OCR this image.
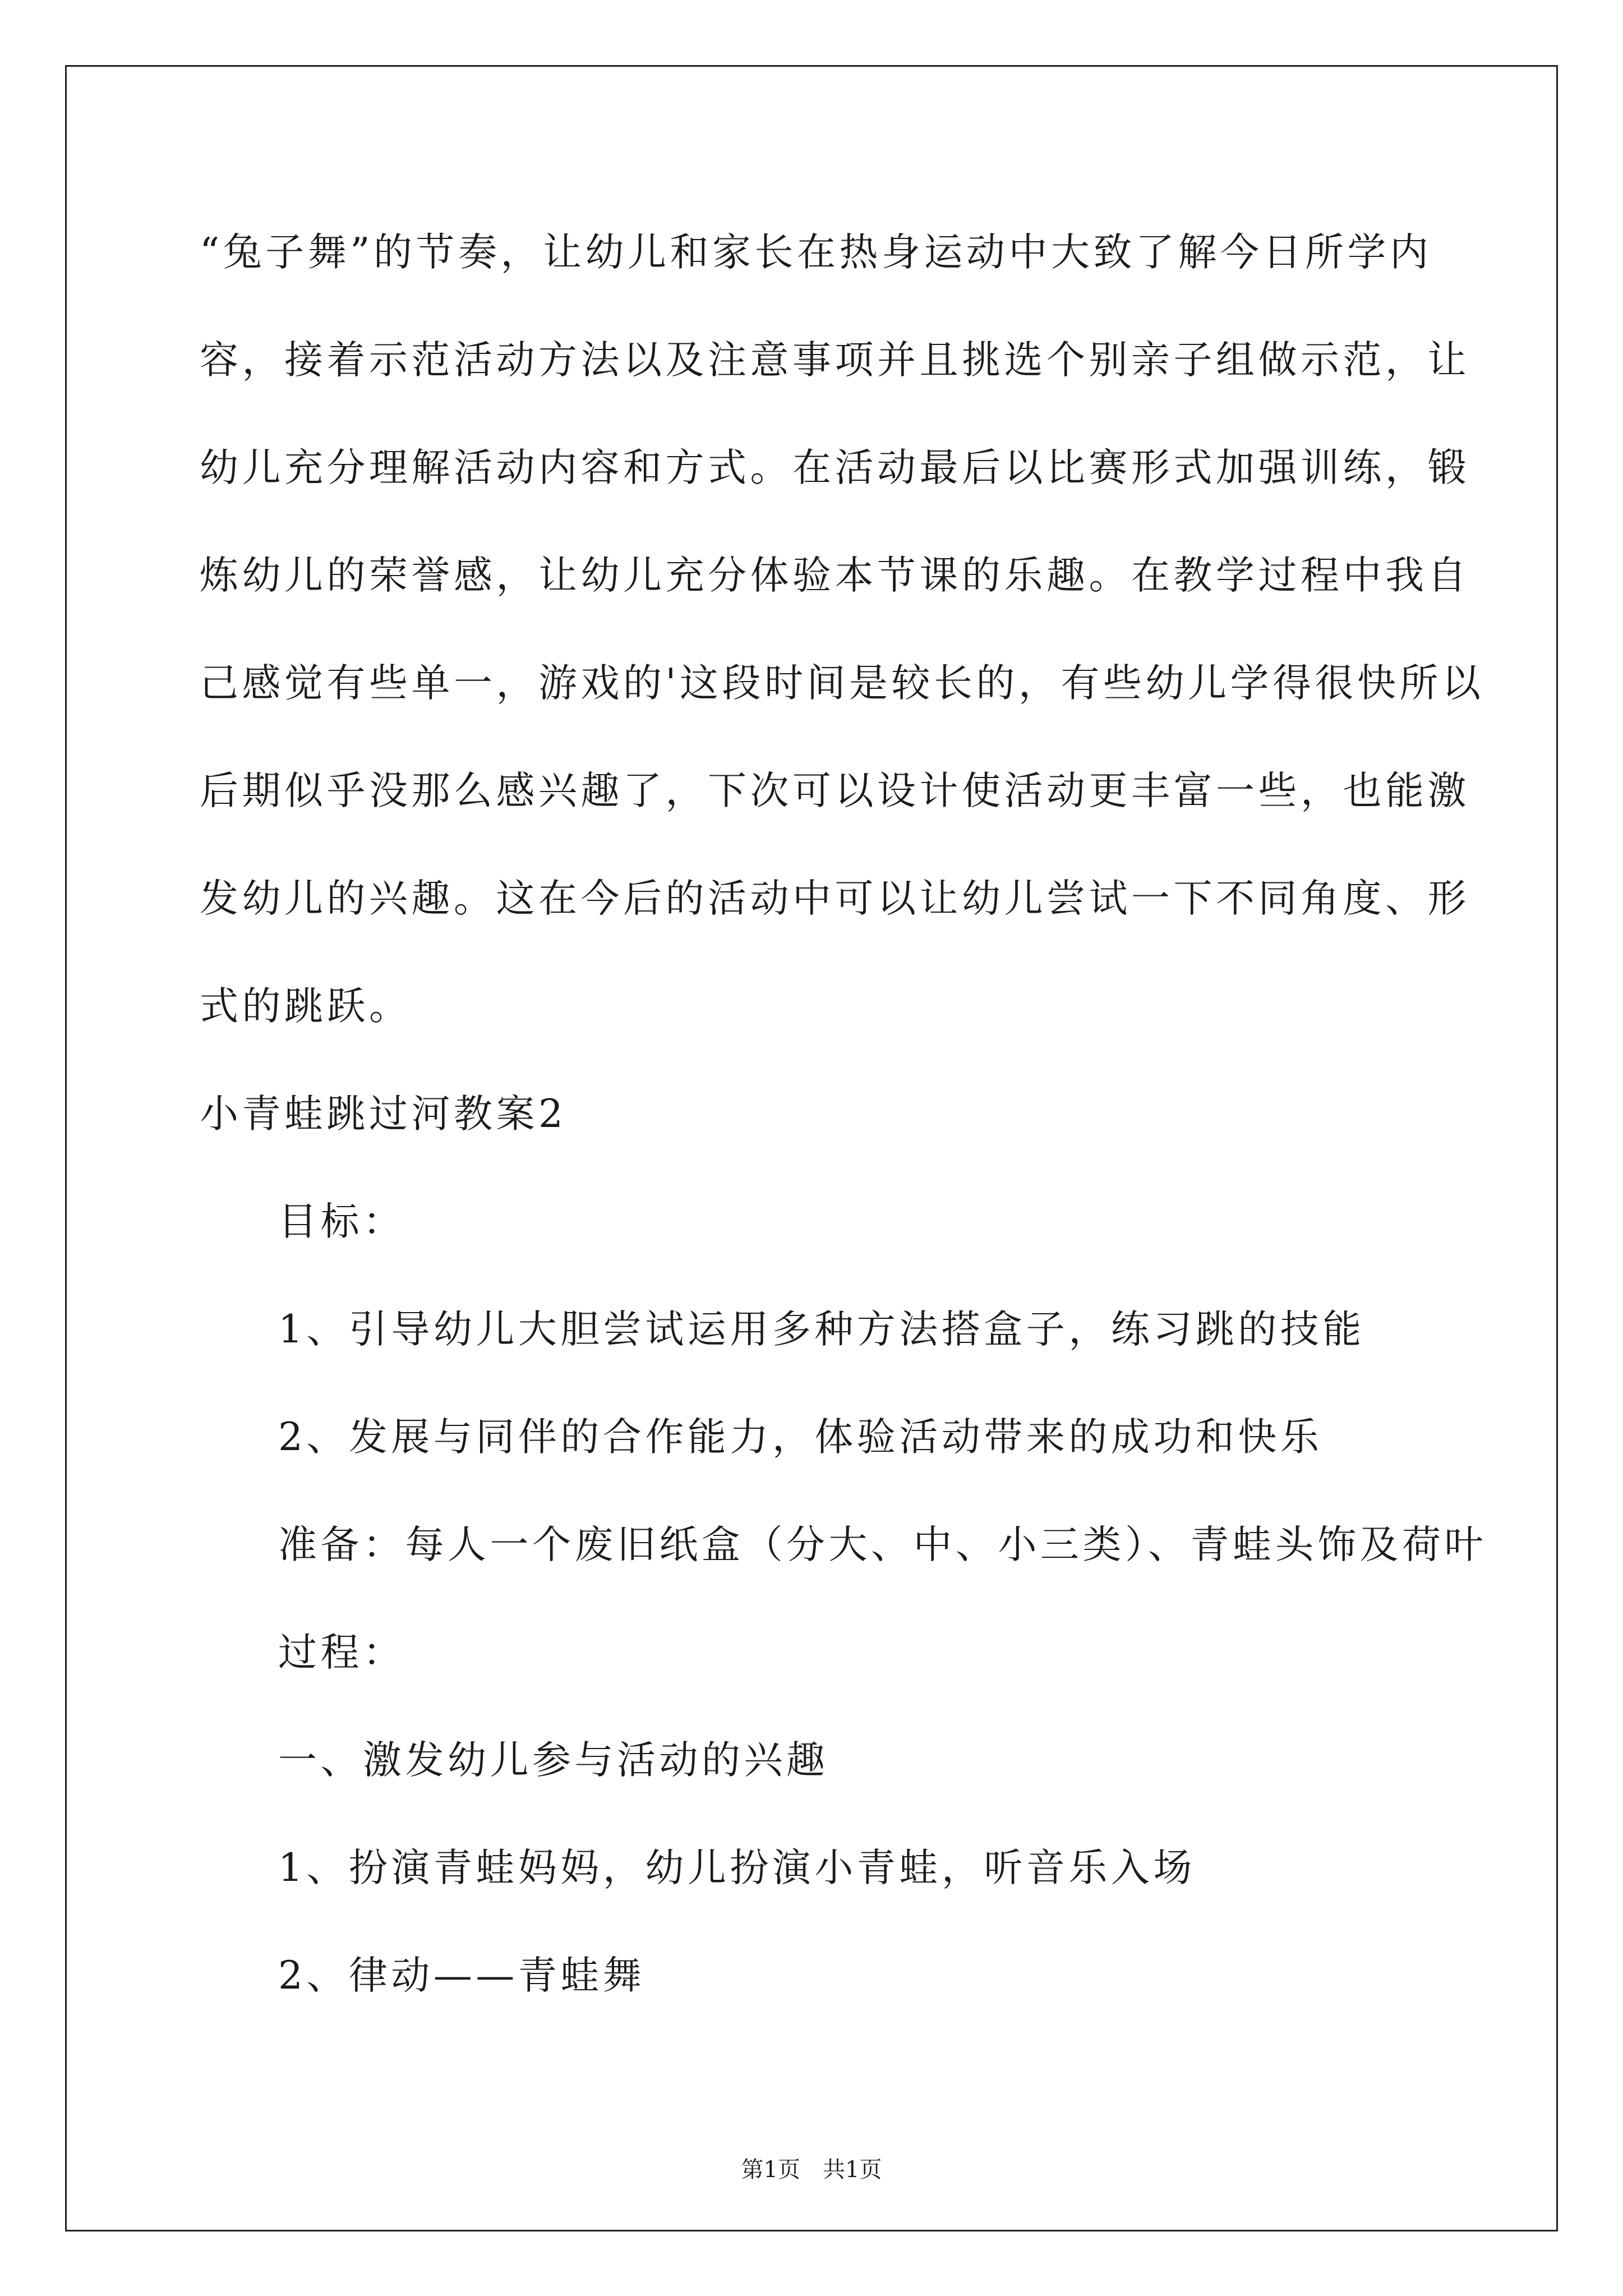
“兔子舞”的节奏，让幼儿和家长在热身运动中大致了解今日所学内
容，接着示范活动方法以及注意事项并且挑选个别亲子组做示范，让
幼儿充分理解活动内容和方式。在活动最后以比赛形式加强训练，锻
炼幼儿的荣誉感，让幼儿充分体验本节课的乐趣。在教学过程中我自
己感觉有些单一，游戏的'这段时间是较长的，有些幼儿学得很快所以
后期似乎没那么感兴趣了，下次可以设计使活动更丰富一些，也能激
发幼儿的兴趣。这在今后的活动中可以让幼儿尝试一下不同角度、形
式的跳跃。
小青蛙跳过河教案2
目标：
1、引导幼儿大胆尝试运用多种方法搭盒子，练习跳的技能
2、发展与同伴的合作能力，体验活动带来的成功和快乐
准备：每人一个废旧纸盒（分大、中、小三类）、青蛙头饰及荷叶
过程：
一、激发幼儿参与活动的兴趣
1、扮演青蛙妈妈，幼儿扮演小青蛙，听音乐入场
2、律动——青蛙舞
第1页　共1页
